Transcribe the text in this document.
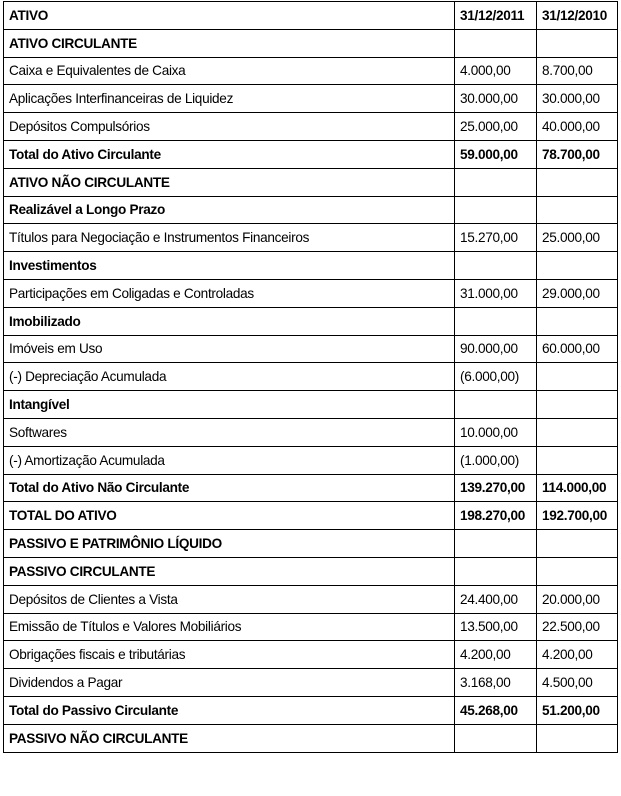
ATIVO	31/12/2011	31/12/2010
ATIVO CIRCULANTE		
Caixa e Equivalentes de Caixa	4.000,00	8.700,00
Aplicações Interfinanceiras de Liquidez	30.000,00	30.000,00
Depósitos Compulsórios	25.000,00	40.000,00
Total do Ativo Circulante	59.000,00	78.700,00
ATIVO NÃO CIRCULANTE		
Realizável a Longo Prazo		
Títulos para Negociação e Instrumentos Financeiros	15.270,00	25.000,00
Investimentos		
Participações em Coligadas e Controladas	31.000,00	29.000,00
Imobilizado		
Imóveis em Uso	90.000,00	60.000,00
(-) Depreciação Acumulada	(6.000,00)	
Intangível		
Softwares	10.000,00	
(-) Amortização Acumulada	(1.000,00)	
Total do Ativo Não Circulante	139.270,00	114.000,00
TOTAL DO ATIVO	198.270,00	192.700,00
PASSIVO E PATRIMÔNIO LÍQUIDO		
PASSIVO CIRCULANTE		
Depósitos de Clientes a Vista	24.400,00	20.000,00
Emissão de Títulos e Valores Mobiliários	13.500,00	22.500,00
Obrigações fiscais e tributárias	4.200,00	4.200,00
Dividendos a Pagar	3.168,00	4.500,00
Total do Passivo Circulante	45.268,00	51.200,00
PASSIVO NÃO CIRCULANTE		
